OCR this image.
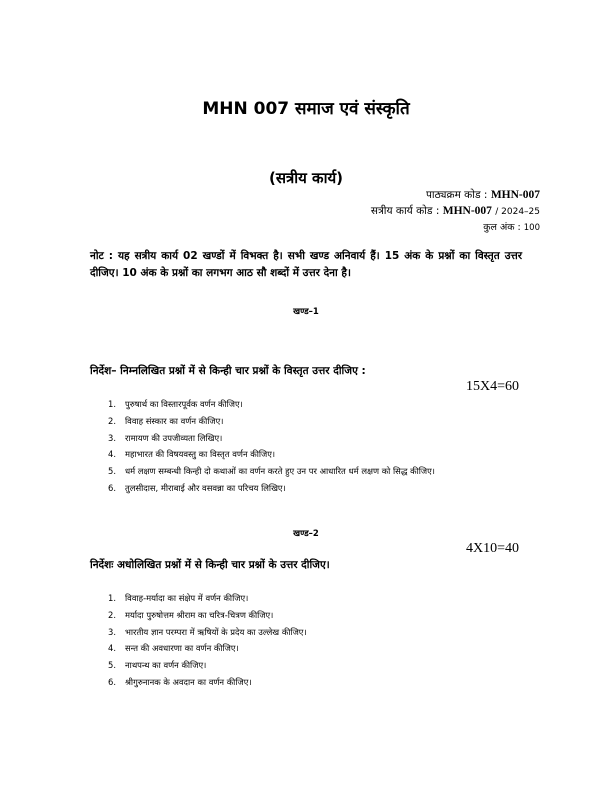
MHN 007 समाज एवं संस्कृति
(सत्रीय कार्य)
पाठ्यक्रम कोड : MHN-007
सत्रीय कार्य कोड : MHN-007 / 2024–25
कुल अंक : 100
नोट : यह सत्रीय कार्य 02 खण्डों में विभक्त है। सभी खण्ड अनिवार्य हैं। 15 अंक के प्रश्नों का विस्तृत उत्तर दीजिए। 10 अंक के प्रश्नों का लगभग आठ सौ शब्दों में उत्तर देना है।
खण्ड–1
निर्देश– निम्नलिखित प्रश्नों में से किन्ही चार प्रश्नों के विस्तृत उत्तर दीजिए :
15X4=60
1. पुरुषार्थ का विस्तारपूर्वक वर्णन कीजिए।
2. विवाह संस्कार का वर्णन कीजिए।
3. रामायण की उपजीव्यता लिखिए।
4. महाभारत की विषयवस्तु का विस्तृत वर्णन कीजिए।
5. धर्म लक्षण सम्बन्धी किन्ही दो कथाओं का वर्णन करते हुए उन पर आधारित धर्म लक्षण को सिद्ध कीजिए।
6. तुलसीदास, मीराबाई और वसवन्ना का परिचय लिखिए।
खण्ड–2
4X10=40
निर्देशः अधोलिखित प्रश्नों में से किन्ही चार प्रश्नों के उत्तर दीजिए।
1. विवाह-मर्यादा का संक्षेप में वर्णन कीजिए।
2. मर्यादा पुरुषोत्तम श्रीराम का चरित्र-चित्रण कीजिए।
3. भारतीय ज्ञान परम्परा में ऋषियों के प्रदेय का उल्लेख कीजिए।
4. सन्त की अवधारणा का वर्णन कीजिए।
5. नाथपन्थ का वर्णन कीजिए।
6. श्रीगुरुनानक के अवदान का वर्णन कीजिए।
